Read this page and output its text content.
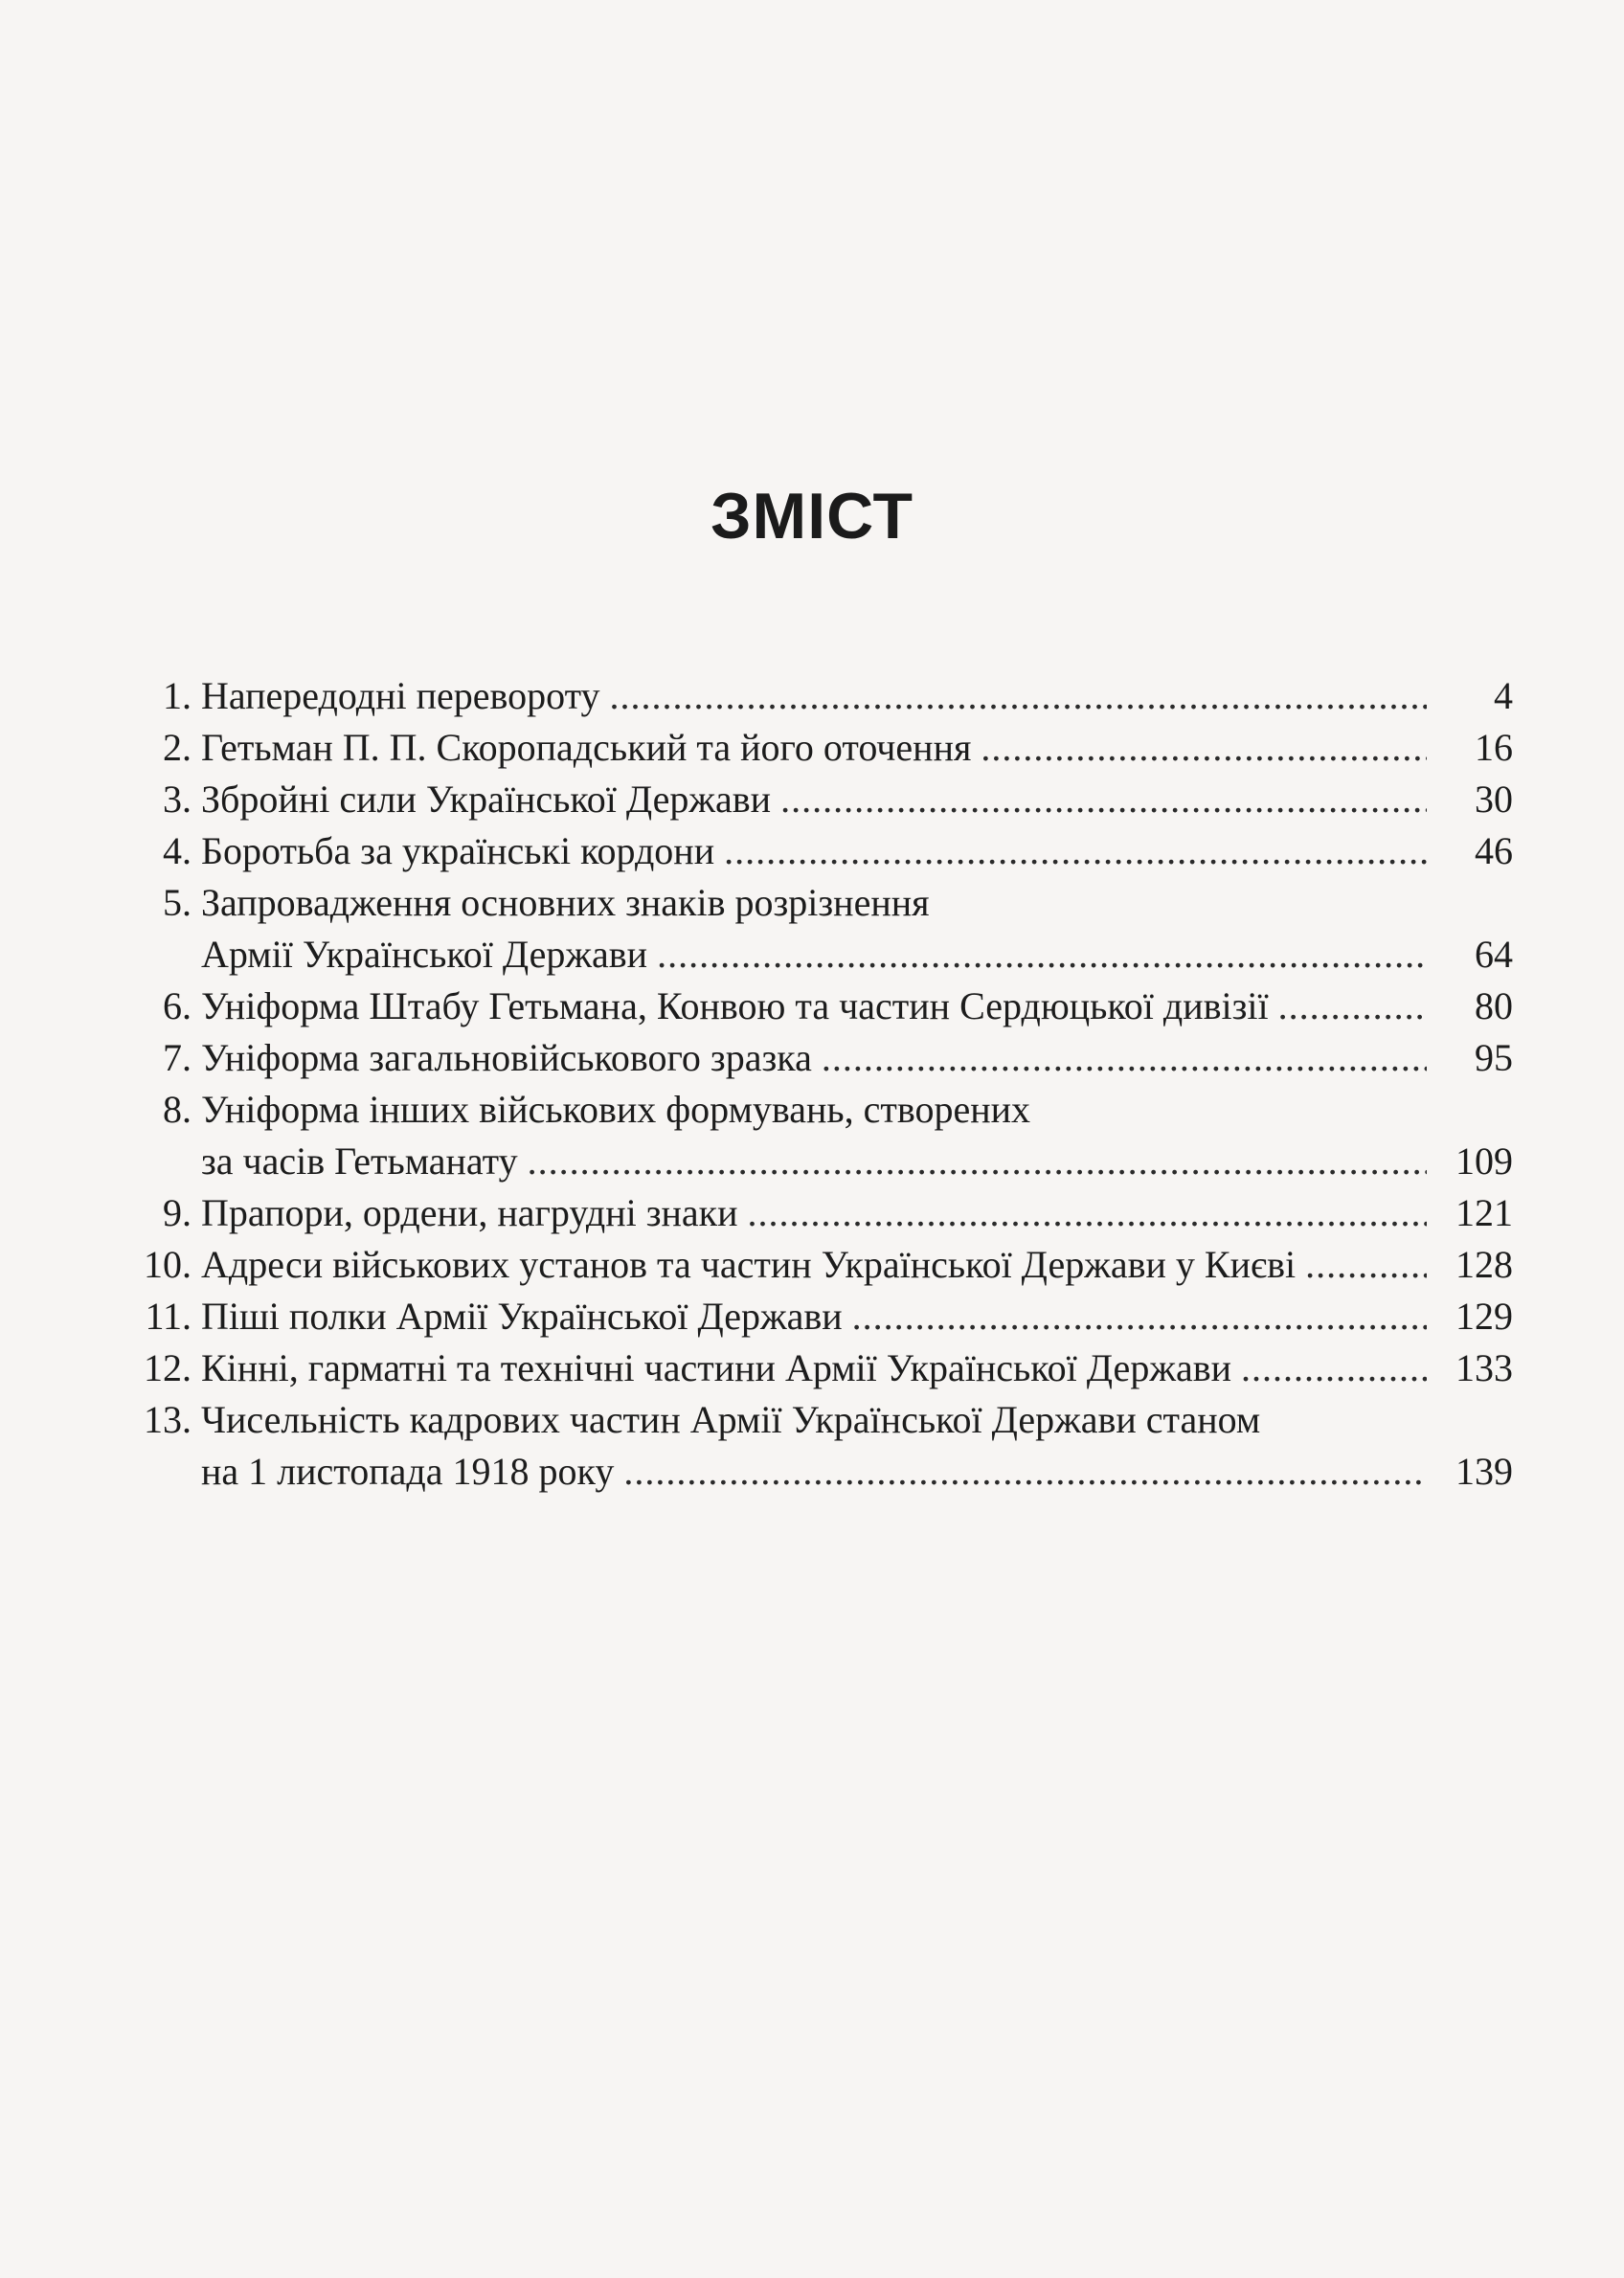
ЗМІСТ
1. Напередодні перевороту .....	4
2. Гетьман П. П. Скоропадський та його оточення .....	16
3. Збройні сили Української Держави .....	30
4. Боротьба за українські кордони .....	46
5. Запровадження основних знаків розрізнення
Армії Української Держави .....	64
6. Уніформа Штабу Гетьмана, Конвою та частин Сердюцької дивізії .....	80
7. Уніформа загальновійськового зразка .....	95
8. Уніформа інших військових формувань, створених
за часів Гетьманату .....	109
9. Прапори, ордени, нагрудні знаки .....	121
10. Адреси військових установ та частин Української Держави у Києві .....	128
11. Піші полки Армії Української Держави .....	129
12. Кінні, гарматні та технічні частини Армії Української Держави .....	133
13. Чисельність кадрових частин Армії Української Держави станом
на 1 листопада 1918 року .....	139
